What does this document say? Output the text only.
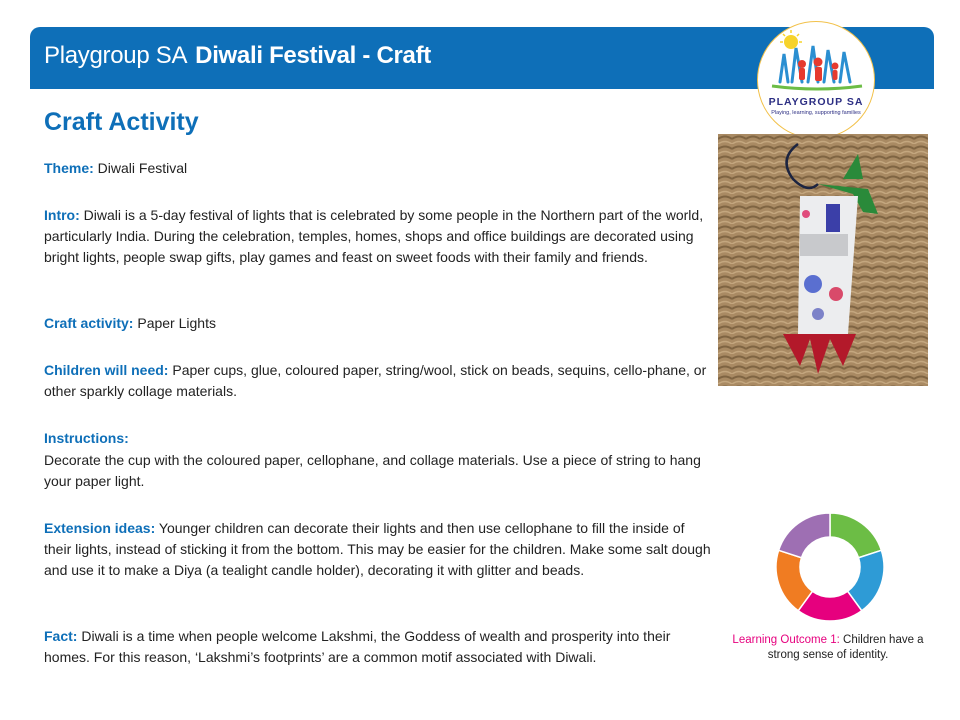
Playgroup SA Diwali Festival - Craft
PLAYGROUP SA
Playing, learning, supporting families
Craft Activity

Theme: Diwali Festival

Intro: Diwali is a 5-day festival of lights that is celebrated by some people in the Northern part of the world, particularly India. During the celebration, temples, homes, shops and office buildings are decorated using bright lights, people swap gifts, play games and feast on sweet foods with their family and friends.

Craft activity: Paper Lights

Children will need: Paper cups, glue, coloured paper, string/wool, stick on beads, sequins, cello-phane, or other sparkly collage materials.

Instructions:

Decorate the cup with the coloured paper, cellophane, and collage materials. Use a piece of string to hang your paper light.

Extension ideas: Younger children can decorate their lights and then use cellophane to fill the inside of their lights, instead of sticking it from the bottom. This may be easier for the children. Make some salt dough and use it to make a Diya (a tealight candle holder), decorating it with glitter and beads.

Fact: Diwali is a time when people welcome Lakshmi, the Goddess of wealth and prosperity into their homes. For this reason, ‘Lakshmi’s footprints’ are a common motif associated with Diwali.

Learning Outcome 1: Children have a strong sense of identity.
